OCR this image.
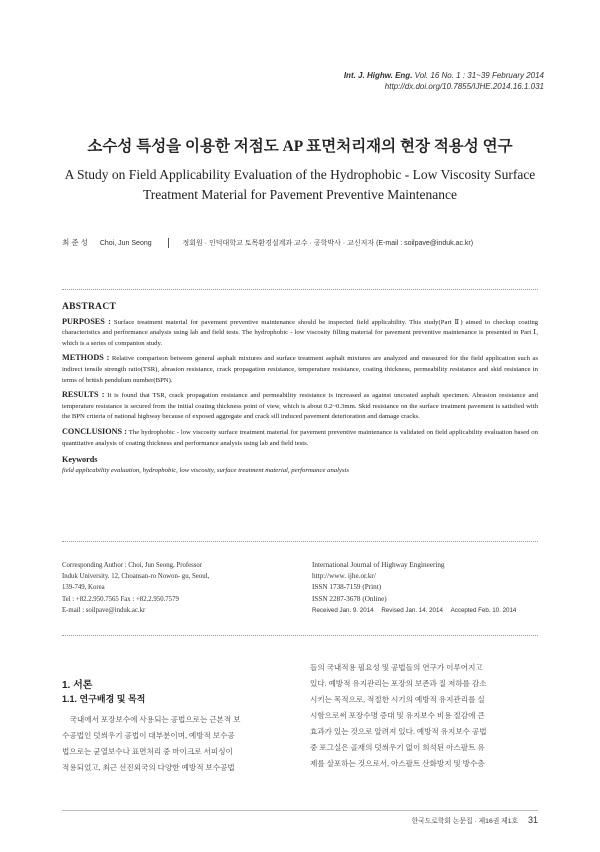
Int. J. Highw. Eng. Vol. 16 No. 1 : 31~39 February 2014
http://dx.doi.org/10.7855/IJHE.2014.16.1.031
소수성 특성을 이용한 저점도 AP 표면처리재의 현장 적용성 연구
A Study on Field Applicability Evaluation of the Hydrophobic - Low Viscosity Surface
Treatment Material for Pavement Preventive Maintenance
최 준 성 Choi, Jun Seong	정회원 · 인덕대학교 토목환경설계과 교수 · 공학박사 · 교신저자 (E-mail : soilpave@induk.ac.kr)
ABSTRACT

PURPOSES : Surface treatment material for pavement preventive maintenance should be inspected field applicability. This study(Part Ⅱ) aimed to checkup coating characteristics and performance analysis using lab and field tests. The hydrophobic - low viscosity filling material for pavement preventive maintenance is presented in Part Ⅰ, which is a series of companion study.

METHODS : Relative comparison between general asphalt mixtures and surface treatment asphalt mixtures are analyzed and measured for the field application such as indirect tensile strength ratio(TSR), abrasion resistance, crack propagation resistance, temperature resistance, coating thickness, permeability resistance and skid resistance in terms of british pendulum number(BPN).

RESULTS : It is found that TSR, crack propagation resistance and permeability resistance is increased as against uncoated asphalt specimen. Abrasion resistance and temperature resistance is secured from the initial coating thickness point of view, which is about 0.2~0.3mm. Skid resistance on the surface treatment pavement is satisfied with the BPN criteria of national highway because of exposed aggregate and crack sill induced pavement deterioration and damage cracks.

CONCLUSIONS : The hydrophobic - low viscosity surface treatment material for pavement preventive maintenance is validated on field applicability evaluation based on quantitative analysis of coating thickness and performance analysis using lab and field tests.

Keywords

field applicability evaluation, hydrophobic, low viscosity, surface treatment material, performance analysis

Corresponding Author : Choi, Jun Seong, Professor
Induk University. 12, Choansan-ro Nowon- gu, Seoul,
139-749, Korea
Tel : +82.2.950.7565 Fax : +82.2.950.7579
E-mail : soilpave@induk.ac.kr
International Journal of Highway Engineering
http://www. ijhe.or.kr/
ISSN 1738-7159 (Print)
ISSN 2287-3678 (Online)
Received Jan. 9. 2014 Revised Jan. 14. 2014 Accepted Feb. 10. 2014
1. 서론
1.1. 연구배경 및 목적
　국내에서 포장보수에 사용되는 공법으로는 근본적 보
수공법인 덧씌우기 공법이 대부분이며, 예방적 보수공
법으로는 균열보수나 표면처리 중 마이크로 서피싱이
적용되었고, 최근 선진외국의 다양한 예방적 보수공법
들의 국내적용 필요성 및 공법들의 연구가 이루어지고
있다. 예방적 유지관리는 포장의 보존과 질 저하를 감소
시키는 목적으로, 적절한 시기의 예방적 유지관리를 실
시함으로써 포장수명 증대 및 유지보수 비용 절감에 큰
효과가 있는 것으로 알려져 있다. 예방적 유지보수 공법
중 포그실은 골재의 덧씌우기 없이 희석된 아스팔트 유
제를 살포하는 것으로서, 아스팔트 산화방지 및 방수층
한국도로학회 논문집 · 제16권 제1호 31
